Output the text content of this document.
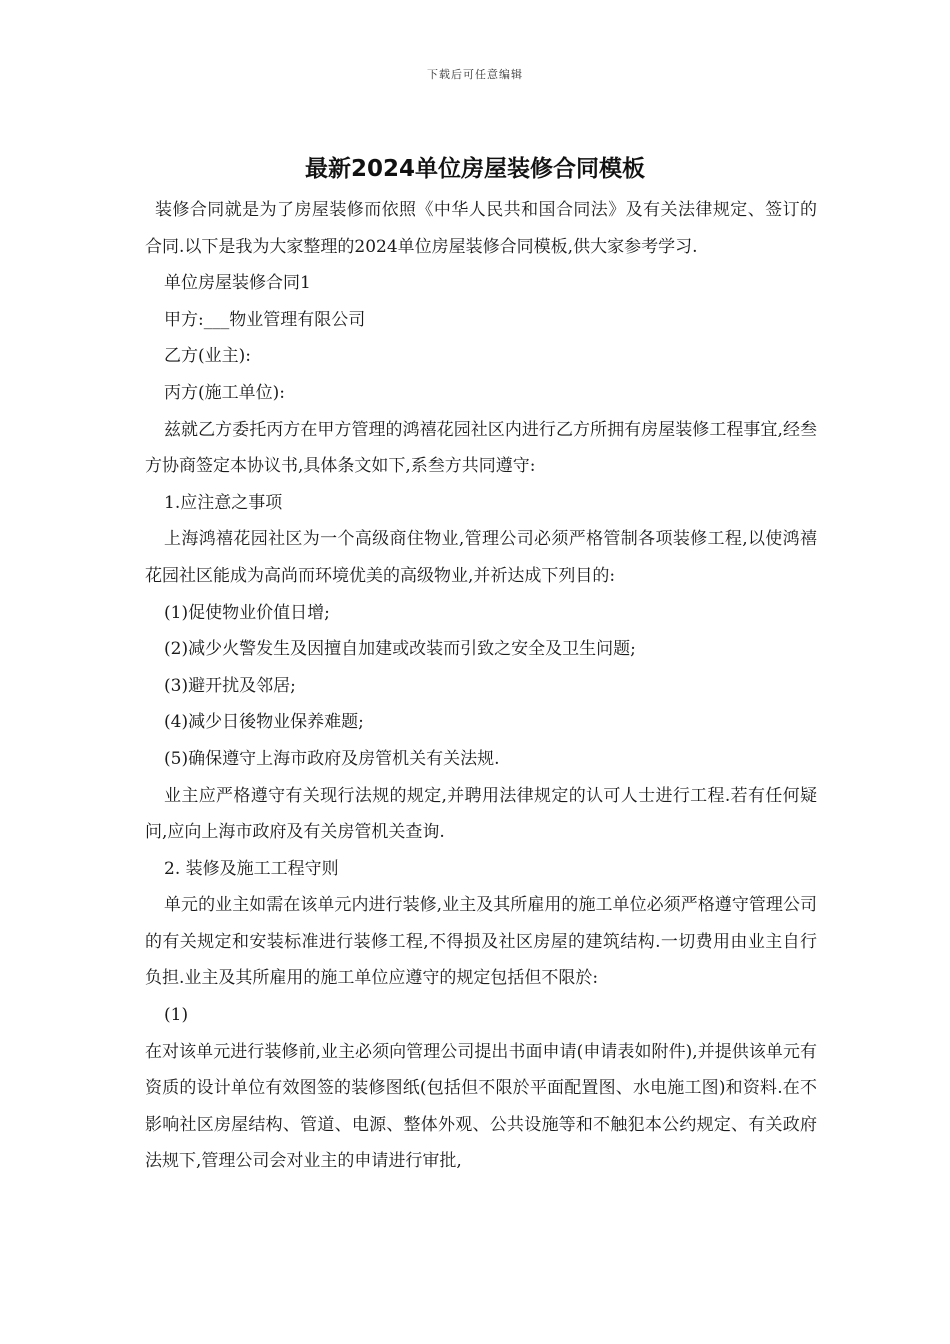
下载后可任意编辑
最新2024单位房屋装修合同模板

装修合同就是为了房屋装修而依照《中华人民共和国合同法》及有关法律规定、签订的合同.以下是我为大家整理的2024单位房屋装修合同模板,供大家参考学习.

单位房屋装修合同1

甲方:___物业管理有限公司

乙方(业主):

丙方(施工单位):

兹就乙方委托丙方在甲方管理的鸿禧花园社区内进行乙方所拥有房屋装修工程事宜,经叁方协商签定本协议书,具体条文如下,系叁方共同遵守:

1.应注意之事项

上海鸿禧花园社区为一个高级商住物业,管理公司必须严格管制各项装修工程,以使鸿禧花园社区能成为高尚而环境优美的高级物业,并祈达成下列目的:

(1)促使物业价值日增;

(2)减少火警发生及因擅自加建或改装而引致之安全及卫生问题;

(3)避开扰及邻居;

(4)减少日後物业保养难题;

(5)确保遵守上海市政府及房管机关有关法规.

业主应严格遵守有关现行法规的规定,并聘用法律规定的认可人士进行工程.若有任何疑问,应向上海市政府及有关房管机关查询.

2. 装修及施工工程守则

单元的业主如需在该单元内进行装修,业主及其所雇用的施工单位必须严格遵守管理公司的有关规定和安装标准进行装修工程,不得损及社区房屋的建筑结构.一切费用由业主自行负担.业主及其所雇用的施工单位应遵守的规定包括但不限於:

(1)

在对该单元进行装修前,业主必须向管理公司提出书面申请(申请表如附件),并提供该单元有资质的设计单位有效图签的装修图纸(包括但不限於平面配置图、水电施工图)和资料.在不影响社区房屋结构、管道、电源、整体外观、公共设施等和不触犯本公约规定、有关政府法规下,管理公司会对业主的申请进行审批,
